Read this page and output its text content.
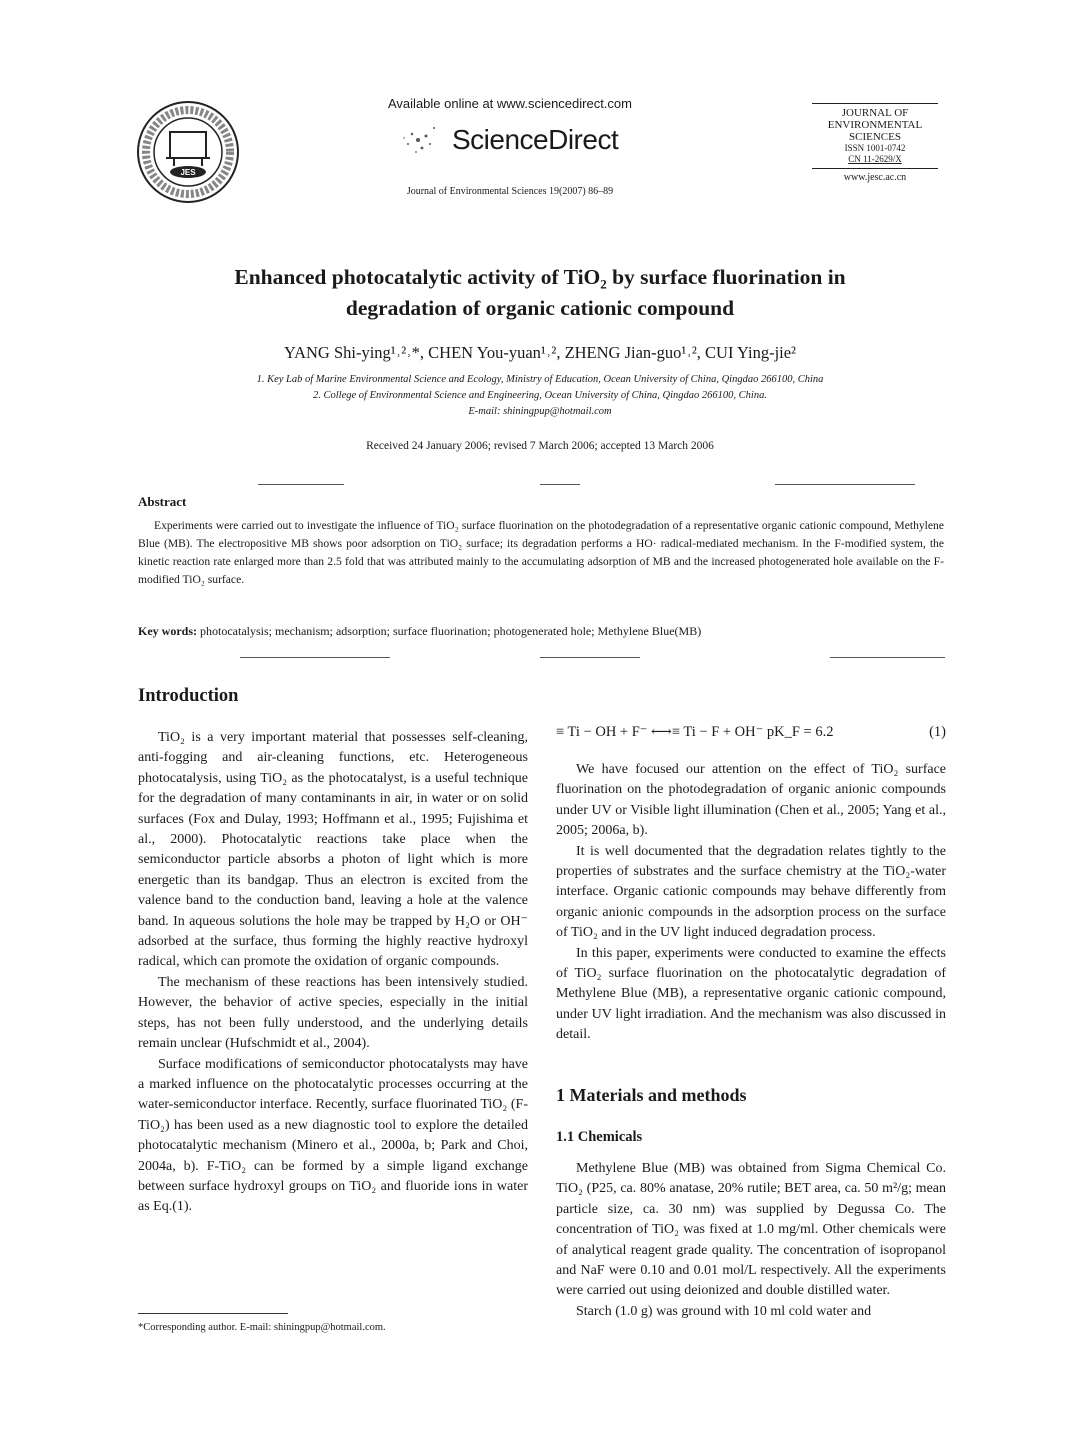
JES
Available online at www.sciencedirect.com
ScienceDirect
Journal of Environmental Sciences 19(2007) 86–89
JOURNAL OF
ENVIRONMENTAL
SCIENCES
ISSN 1001-0742
CN 11-2629/X
www.jesc.ac.cn
Enhanced photocatalytic activity of TiO₂ by surface fluorination in
degradation of organic cationic compound
YANG Shi-ying¹˒²˒*, CHEN You-yuan¹˒², ZHENG Jian-guo¹˒², CUI Ying-jie²
1. Key Lab of Marine Environmental Science and Ecology, Ministry of Education, Ocean University of China, Qingdao 266100, China
2. College of Environmental Science and Engineering, Ocean University of China, Qingdao 266100, China.
E-mail: shiningpup@hotmail.com
Received 24 January 2006; revised 7 March 2006; accepted 13 March 2006
Abstract
Experiments were carried out to investigate the influence of TiO₂ surface fluorination on the photodegradation of a representative organic cationic compound, Methylene Blue (MB). The electropositive MB shows poor adsorption on TiO₂ surface; its degradation performs a HO· radical-mediated mechanism. In the F-modified system, the kinetic reaction rate enlarged more than 2.5 fold that was attributed mainly to the accumulating adsorption of MB and the increased photogenerated hole available on the F-modified TiO₂ surface.
Key words: photocatalysis; mechanism; adsorption; surface fluorination; photogenerated hole; Methylene Blue(MB)
Introduction

TiO₂ is a very important material that possesses self-cleaning, anti-fogging and air-cleaning functions, etc. Heterogeneous photocatalysis, using TiO₂ as the photocatalyst, is a useful technique for the degradation of many contaminants in air, in water or on solid surfaces (Fox and Dulay, 1993; Hoffmann et al., 1995; Fujishima et al., 2000). Photocatalytic reactions take place when the semiconductor particle absorbs a photon of light which is more energetic than its bandgap. Thus an electron is excited from the valence band to the conduction band, leaving a hole at the valence band. In aqueous solutions the hole may be trapped by H₂O or OH⁻ adsorbed at the surface, thus forming the highly reactive hydroxyl radical, which can promote the oxidation of organic compounds.

The mechanism of these reactions has been intensively studied. However, the behavior of active species, especially in the initial steps, has not been fully understood, and the underlying details remain unclear (Hufschmidt et al., 2004).

Surface modifications of semiconductor photocatalysts may have a marked influence on the photocatalytic processes occurring at the water-semiconductor interface. Recently, surface fluorinated TiO₂ (F-TiO₂) has been used as a new diagnostic tool to explore the detailed photocatalytic mechanism (Minero et al., 2000a, b; Park and Choi, 2004a, b). F-TiO₂ can be formed by a simple ligand exchange between surface hydroxyl groups on TiO₂ and fluoride ions in water as Eq.(1).

≡ Ti − OH + F⁻ ⟷≡ Ti − F + OH⁻ pK_F = 6.2	(1)

We have focused our attention on the effect of TiO₂ surface fluorination on the photodegradation of organic anionic compounds under UV or Visible light illumination (Chen et al., 2005; Yang et al., 2005; 2006a, b).

It is well documented that the degradation relates tightly to the properties of substrates and the surface chemistry at the TiO₂-water interface. Organic cationic compounds may behave differently from organic anionic compounds in the adsorption process on the surface of TiO₂ and in the UV light induced degradation process.

In this paper, experiments were conducted to examine the effects of TiO₂ surface fluorination on the photocatalytic degradation of Methylene Blue (MB), a representative organic cationic compound, under UV light irradiation. And the mechanism was also discussed in detail.

1 Materials and methods
1.1 Chemicals

Methylene Blue (MB) was obtained from Sigma Chemical Co. TiO₂ (P25, ca. 80% anatase, 20% rutile; BET area, ca. 50 m²/g; mean particle size, ca. 30 nm) was supplied by Degussa Co. The concentration of TiO₂ was fixed at 1.0 mg/ml. Other chemicals were of analytical reagent grade quality. The concentration of isopropanol and NaF were 0.10 and 0.01 mol/L respectively. All the experiments were carried out using deionized and double distilled water.

Starch (1.0 g) was ground with 10 ml cold water and

*Corresponding author. E-mail: shiningpup@hotmail.com.
